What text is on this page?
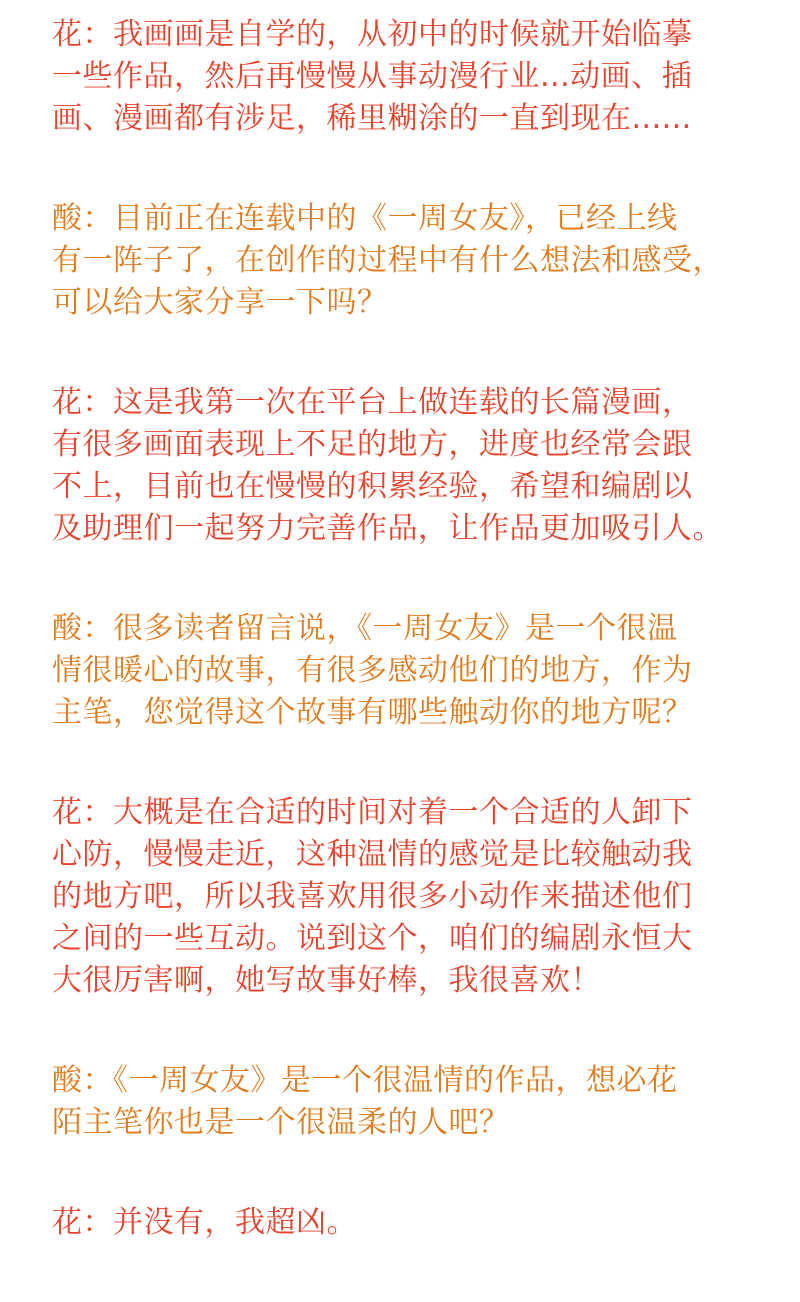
花：我画画是自学的，从初中的时候就开始临摹
一些作品，然后再慢慢从事动漫行业...动画、插
画、漫画都有涉足，稀里糊涂的一直到现在......

酸：目前正在连载中的《一周女友》，已经上线
有一阵子了，在创作的过程中有什么想法和感受，
可以给大家分享一下吗？

花：这是我第一次在平台上做连载的长篇漫画，
有很多画面表现上不足的地方，进度也经常会跟
不上，目前也在慢慢的积累经验，希望和编剧以
及助理们一起努力完善作品，让作品更加吸引人。

酸：很多读者留言说，《一周女友》是一个很温
情很暖心的故事，有很多感动他们的地方，作为
主笔，您觉得这个故事有哪些触动你的地方呢？

花：大概是在合适的时间对着一个合适的人卸下
心防，慢慢走近，这种温情的感觉是比较触动我
的地方吧，所以我喜欢用很多小动作来描述他们
之间的一些互动。说到这个，咱们的编剧永恒大
大很厉害啊，她写故事好棒，我很喜欢！

酸：《一周女友》是一个很温情的作品，想必花
陌主笔你也是一个很温柔的人吧？

花：并没有，我超凶。
